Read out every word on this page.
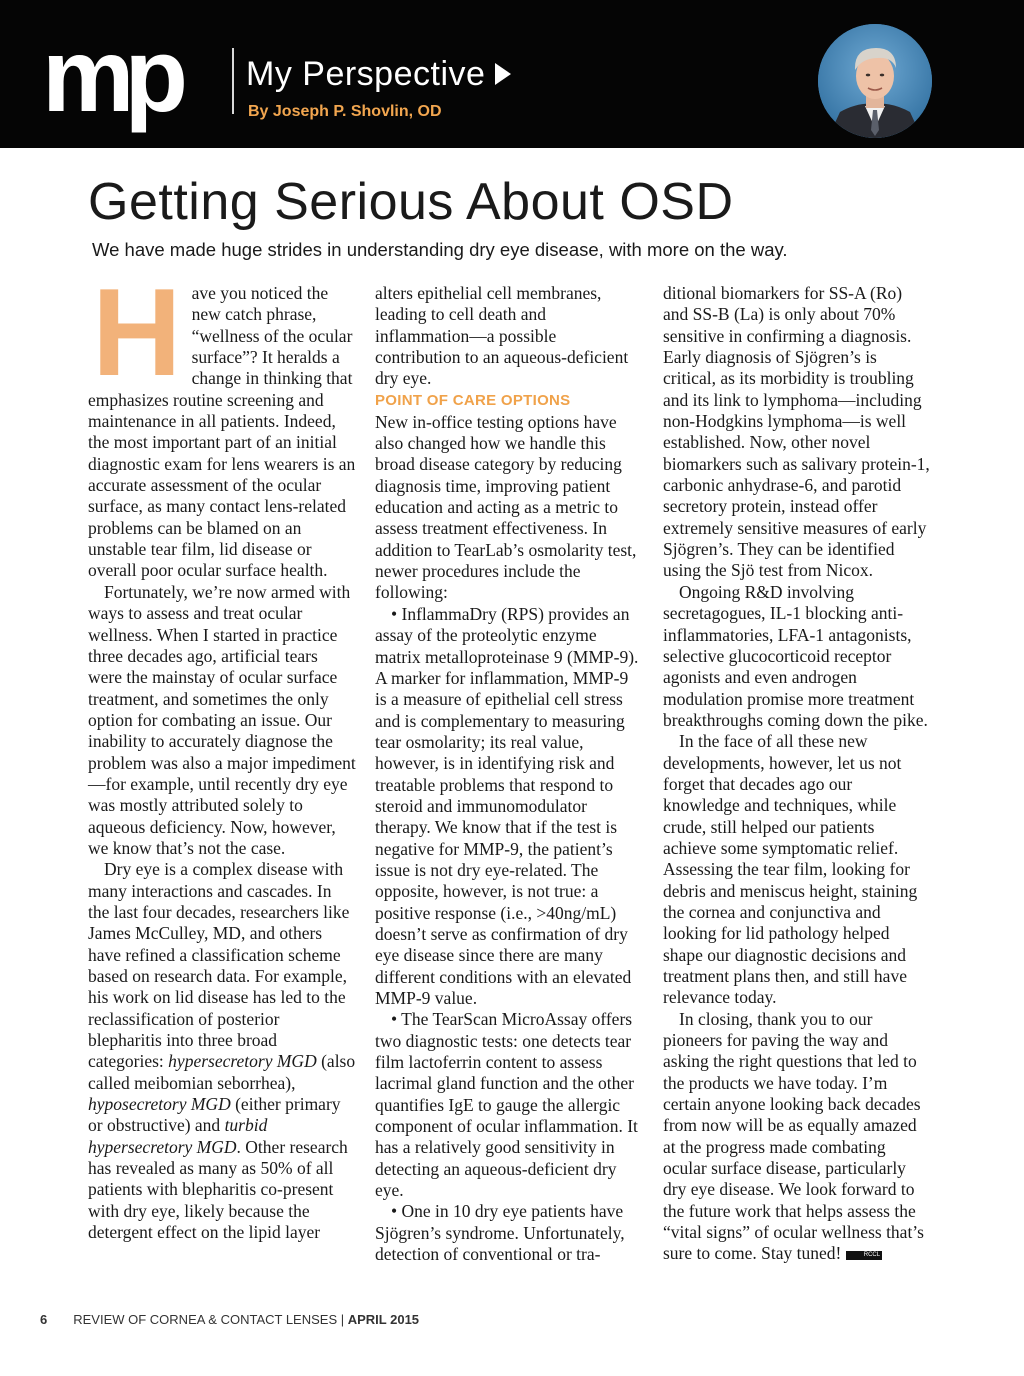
mp My Perspective
By Joseph P. Shovlin, OD
Getting Serious About OSD
We have made huge strides in understanding dry eye disease, with more on the way.

Have you noticed the new catch phrase, “wellness of the ocular surface”? It heralds a change in thinking that emphasizes routine screening and maintenance in all patients. Indeed, the most important part of an initial diagnostic exam for lens wearers is an accurate assessment of the ocular surface, as many contact lens-related problems can be blamed on an unstable tear film, lid disease or overall poor ocular surface health.

Fortunately, we’re now armed with ways to assess and treat ocular wellness. When I started in practice three decades ago, artificial tears were the mainstay of ocular surface treatment, and sometimes the only option for combating an issue. Our inability to accurately diagnose the problem was also a major impediment—for example, until recently dry eye was mostly attributed solely to aqueous deficiency. Now, however, we know that’s not the case.

Dry eye is a complex disease with many interactions and cascades. In the last four decades, researchers like James McCulley, MD, and others have refined a classification scheme based on research data. For example, his work on lid disease has led to the reclassification of posterior blepharitis into three broad categories: hypersecretory MGD (also called meibomian seborrhea), hyposecretory MGD (either primary or obstructive) and turbid hypersecretory MGD. Other research has revealed as many as 50% of all patients with blepharitis co-present with dry eye, likely because the detergent effect on the lipid layer

alters epithelial cell membranes, leading to cell death and inflammation—a possible contribution to an aqueous-deficient dry eye.

POINT OF CARE OPTIONS

New in-office testing options have also changed how we handle this broad disease category by reducing diagnosis time, improving patient education and acting as a metric to assess treatment effectiveness. In addition to TearLab’s osmolarity test, newer procedures include the following:

• InflammaDry (RPS) provides an assay of the proteolytic enzyme matrix metalloproteinase 9 (MMP-9). A marker for inflammation, MMP-9 is a measure of epithelial cell stress and is complementary to measuring tear osmolarity; its real value, however, is in identifying risk and treatable problems that respond to steroid and immunomodulator therapy. We know that if the test is negative for MMP-9, the patient’s issue is not dry eye-related. The opposite, however, is not true: a positive response (i.e., >40ng/mL) doesn’t serve as confirmation of dry eye disease since there are many different conditions with an elevated MMP-9 value.

• The TearScan MicroAssay offers two diagnostic tests: one detects tear film lactoferrin content to assess lacrimal gland function and the other quantifies IgE to gauge the allergic component of ocular inflammation. It has a relatively good sensitivity in detecting an aqueous-deficient dry eye.

• One in 10 dry eye patients have Sjögren’s syndrome. Unfortunately, detection of conventional or tra-

ditional biomarkers for SS-A (Ro) and SS-B (La) is only about 70% sensitive in confirming a diagnosis. Early diagnosis of Sjögren’s is critical, as its morbidity is troubling and its link to lymphoma—including non-Hodgkins lymphoma—is well established. Now, other novel biomarkers such as salivary protein-1, carbonic anhydrase-6, and parotid secretory protein, instead offer extremely sensitive measures of early Sjögren’s. They can be identified using the Sjö test from Nicox.

Ongoing R&D involving secretagogues, IL-1 blocking anti-inflammatories, LFA-1 antagonists, selective glucocorticoid receptor agonists and even androgen modulation promise more treatment breakthroughs coming down the pike.

In the face of all these new developments, however, let us not forget that decades ago our knowledge and techniques, while crude, still helped our patients achieve some symptomatic relief. Assessing the tear film, looking for debris and meniscus height, staining the cornea and conjunctiva and looking for lid pathology helped shape our diagnostic decisions and treatment plans then, and still have relevance today.

In closing, thank you to our pioneers for paving the way and asking the right questions that led to the products we have today. I’m certain anyone looking back decades from now will be as equally amazed at the progress made combating ocular surface disease, particularly dry eye disease. We look forward to the future work that helps assess the “vital signs” of ocular wellness that’s sure to come. Stay tuned!	RCCL

6 REVIEW OF CORNEA & CONTACT LENSES | APRIL 2015
